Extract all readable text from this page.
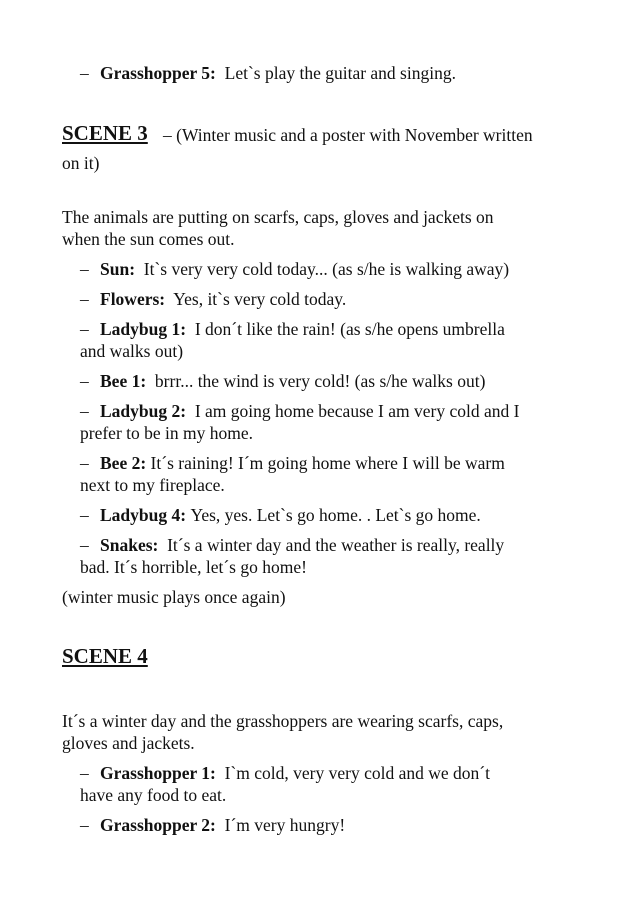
– Grasshopper 5: Let`s play the guitar and singing.
SCENE 3 – (Winter music and a poster with November written
on it)
The animals are putting on scarfs, caps, gloves and jackets on
when the sun comes out.
– Sun: It`s very very cold today... (as s/he is walking away)
– Flowers: Yes, it`s very cold today.
– Ladybug 1: I don´t like the rain! (as s/he opens umbrella
and walks out)
– Bee 1: brrr... the wind is very cold! (as s/he walks out)
– Ladybug 2: I am going home because I am very cold and I
prefer to be in my home.
– Bee 2: It´s raining! I´m going home where I will be warm
next to my fireplace.
– Ladybug 4: Yes, yes. Let`s go home. . Let`s go home.
– Snakes: It´s a winter day and the weather is really, really
bad. It´s horrible, let´s go home!
(winter music plays once again)
SCENE 4
It´s a winter day and the grasshoppers are wearing scarfs, caps,
gloves and jackets.
– Grasshopper 1: I`m cold, very very cold and we don´t
have any food to eat.
– Grasshopper 2: I´m very hungry!
